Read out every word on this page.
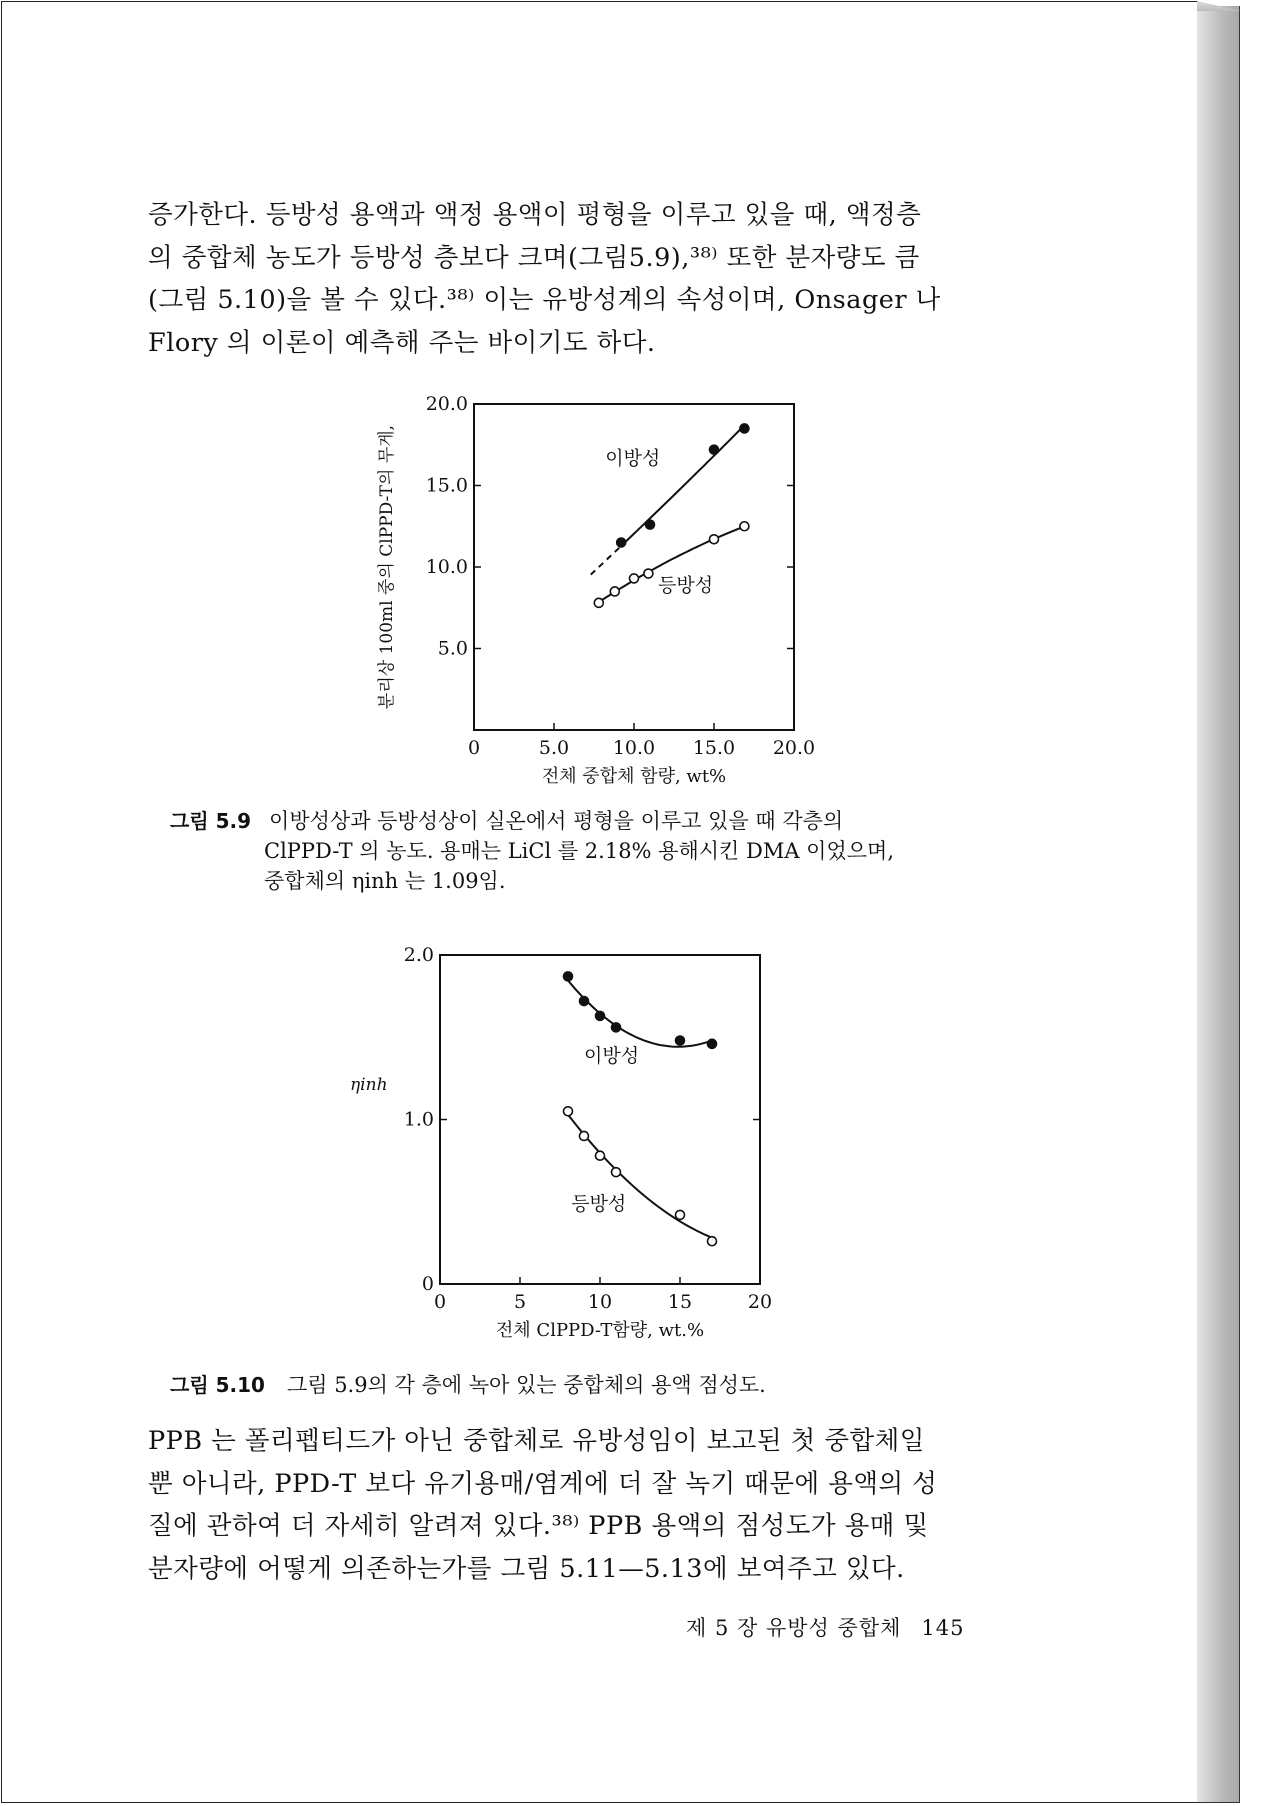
증가한다. 등방성 용액과 액정 용액이 평형을 이루고 있을 때, 액정층
의 중합체 농도가 등방성 층보다 크며(그림5.9),³⁸⁾ 또한 분자량도 큼
(그림 5.10)을 볼 수 있다.³⁸⁾ 이는 유방성계의 속성이며, Onsager 나
Flory 의 이론이 예측해 주는 바이기도 하다.
0	5.0 10.0 15.0 20.0
5.0
10.0
15.0
20.0
전체 중합체 함량, wt%
분리상 100ml 중의 ClPPD-T의 무게,	이방성
등방성
그림 5.9 이방성상과 등방성상이 실온에서 평형을 이루고 있을 때 각층의
ClPPD-T 의 농도. 용매는 LiCl 를 2.18% 용해시킨 DMA 이었으며,
중합체의 ηinh 는 1.09임.
0	5	10	15	20
0
1.0
2.0
전체 ClPPD-T함량, wt.%
ηinh
이방성
등방성
그림 5.10 그림 5.9의 각 층에 녹아 있는 중합체의 용액 점성도.
PPB 는 폴리펩티드가 아닌 중합체로 유방성임이 보고된 첫 중합체일
뿐 아니라, PPD-T 보다 유기용매/염계에 더 잘 녹기 때문에 용액의 성
질에 관하여 더 자세히 알려져 있다.³⁸⁾ PPB 용액의 점성도가 용매 및
분자량에 어떻게 의존하는가를 그림 5.11—5.13에 보여주고 있다.
제 5 장 유방성 중합체 145
